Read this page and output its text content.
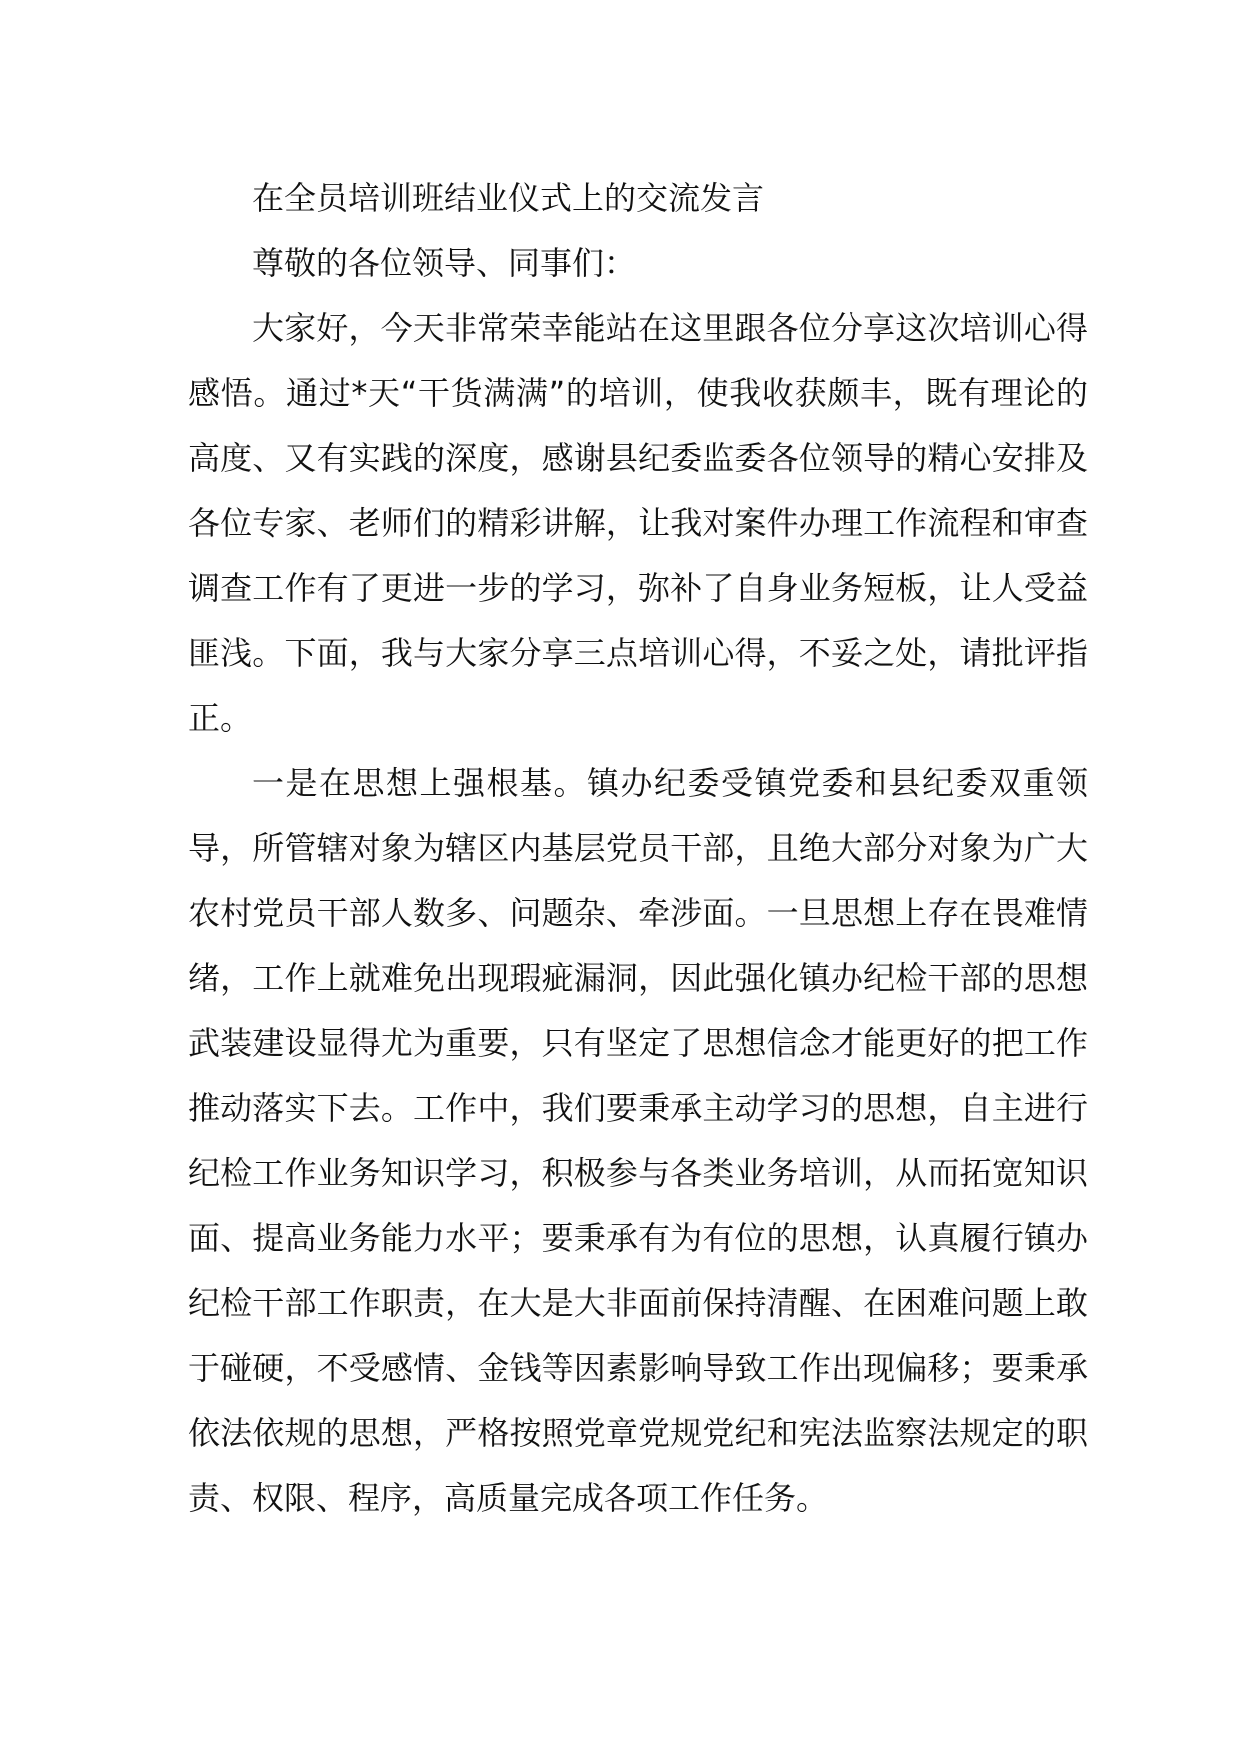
在全员培训班结业仪式上的交流发言

尊敬的各位领导、同事们：

大家好，今天非常荣幸能站在这里跟各位分享这次培训心得感悟。通过*天“干货满满”的培训，使我收获颇丰，既有理论的高度、又有实践的深度，感谢县纪委监委各位领导的精心安排及各位专家、老师们的精彩讲解，让我对案件办理工作流程和审查调查工作有了更进一步的学习，弥补了自身业务短板，让人受益匪浅。下面，我与大家分享三点培训心得，不妥之处，请批评指正。

一是在思想上强根基。镇办纪委受镇党委和县纪委双重领导，所管辖对象为辖区内基层党员干部，且绝大部分对象为广大农村党员干部人数多、问题杂、牵涉面。一旦思想上存在畏难情绪，工作上就难免出现瑕疵漏洞，因此强化镇办纪检干部的思想武装建设显得尤为重要，只有坚定了思想信念才能更好的把工作推动落实下去。工作中，我们要秉承主动学习的思想，自主进行纪检工作业务知识学习，积极参与各类业务培训，从而拓宽知识面、提高业务能力水平；要秉承有为有位的思想，认真履行镇办纪检干部工作职责，在大是大非面前保持清醒、在困难问题上敢于碰硬，不受感情、金钱等因素影响导致工作出现偏移；要秉承依法依规的思想，严格按照党章党规党纪和宪法监察法规定的职责、权限、程序，高质量完成各项工作任务。
